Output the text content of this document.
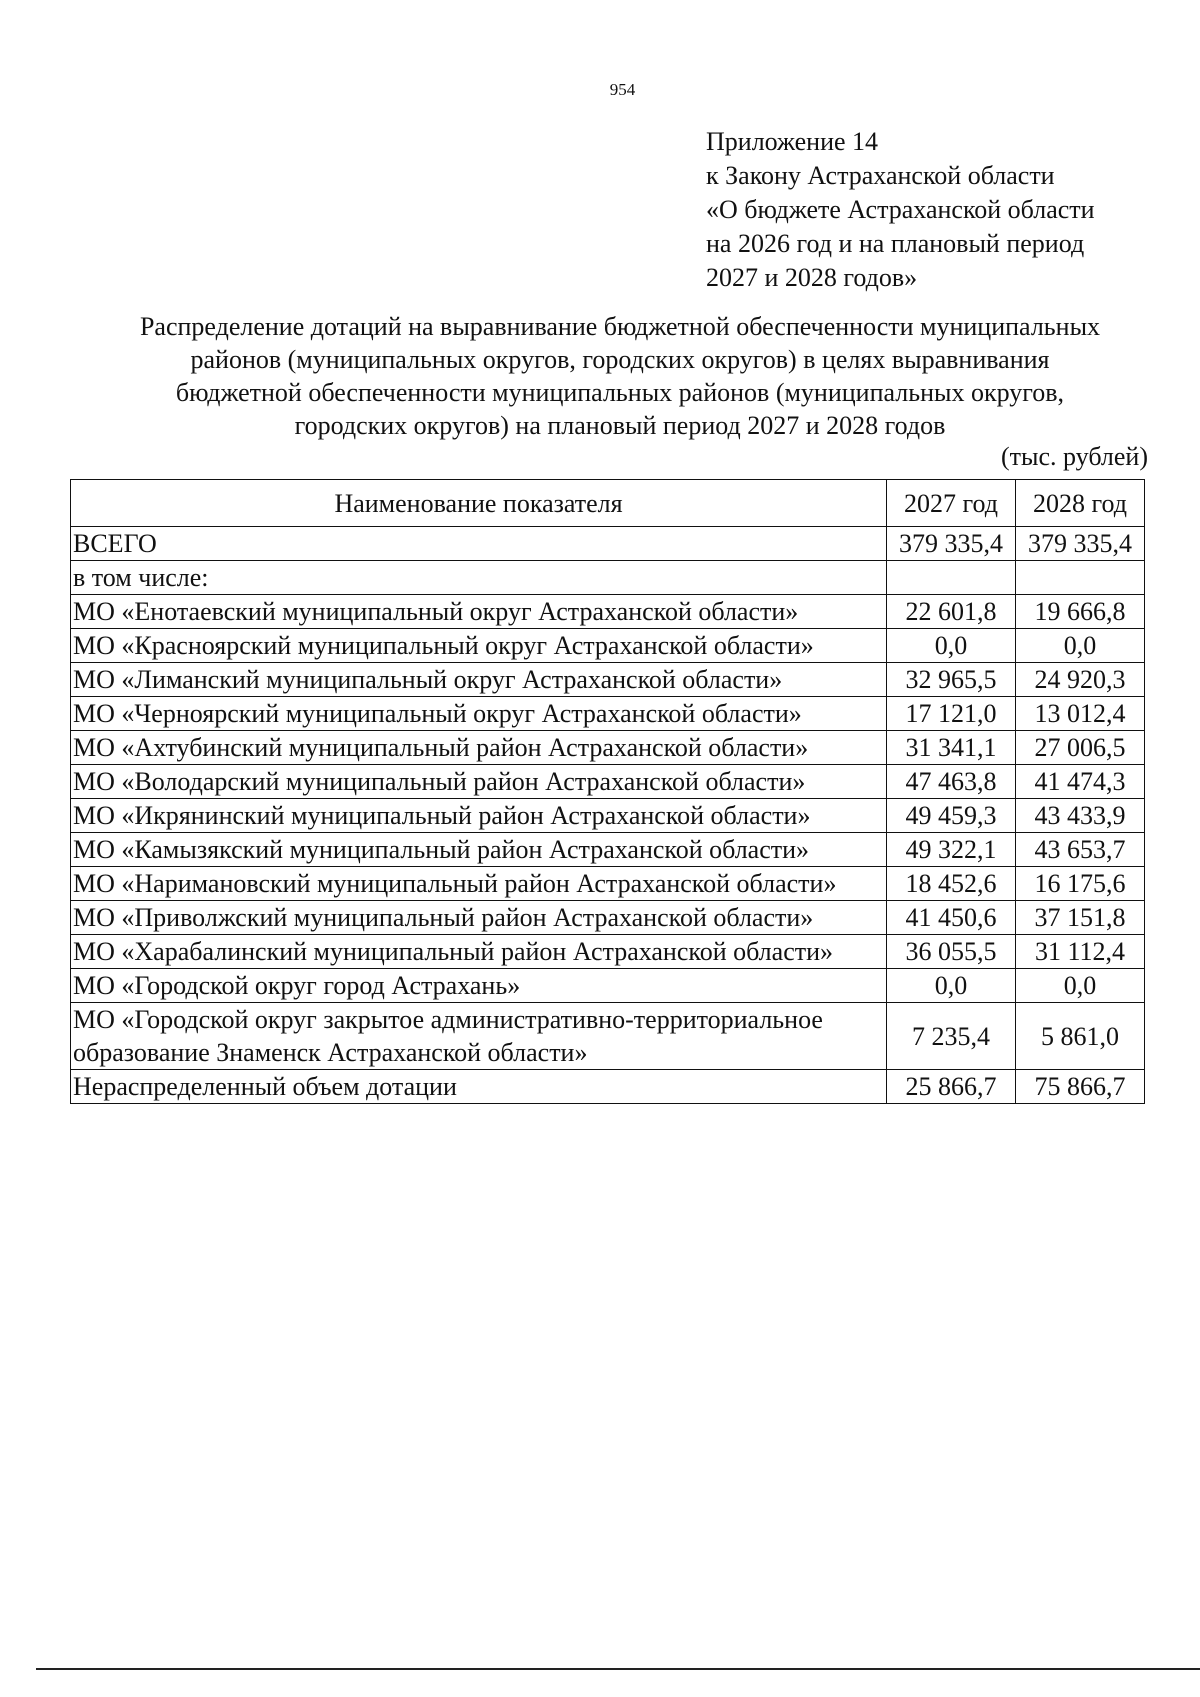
954
Приложение 14
к Закону Астраханской области
«О бюджете Астраханской области
на 2026 год и на плановый период
2027 и 2028 годов»
Распределение дотаций на выравнивание бюджетной обеспеченности муниципальных
районов (муниципальных округов, городских округов) в целях выравнивания
бюджетной обеспеченности муниципальных районов (муниципальных округов,
городских округов) на плановый период 2027 и 2028 годов
(тыс. рублей)
Наименование показателя	2027 год	2028 год
ВСЕГО	379 335,4	379 335,4
в том числе:		
МО «Енотаевский муниципальный округ Астраханской области»	22 601,8	19 666,8
МО «Красноярский муниципальный округ Астраханской области»	0,0	0,0
МО «Лиманский муниципальный округ Астраханской области»	32 965,5	24 920,3
МО «Черноярский муниципальный округ Астраханской области»	17 121,0	13 012,4
МО «Ахтубинский муниципальный район Астраханской области»	31 341,1	27 006,5
МО «Володарский муниципальный район Астраханской области»	47 463,8	41 474,3
МО «Икрянинский муниципальный район Астраханской области»	49 459,3	43 433,9
МО «Камызякский муниципальный район Астраханской области»	49 322,1	43 653,7
МО «Наримановский муниципальный район Астраханской области»	18 452,6	16 175,6
МО «Приволжский муниципальный район Астраханской области»	41 450,6	37 151,8
МО «Харабалинский муниципальный район Астраханской области»	36 055,5	31 112,4
МО «Городской округ город Астрахань»	0,0	0,0
МО «Городской округ закрытое административно-территориальное образование Знаменск Астраханской области»	7 235,4	5 861,0
Нераспределенный объем дотации	25 866,7	75 866,7
